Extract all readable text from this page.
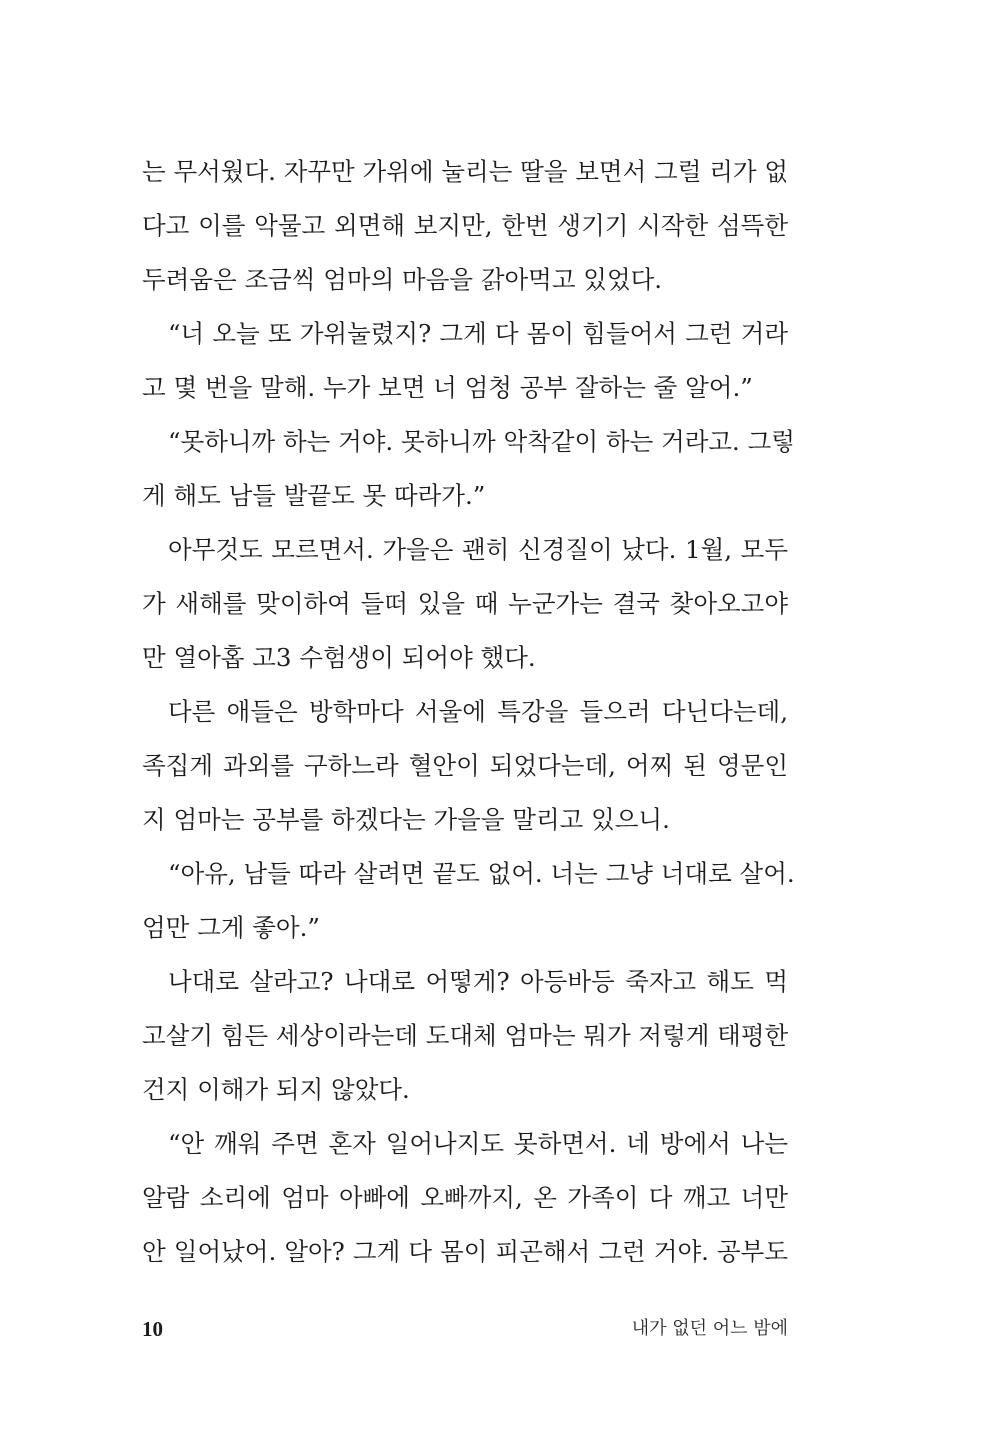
는 무서웠다. 자꾸만 가위에 눌리는 딸을 보면서 그럴 리가 없

다고 이를 악물고 외면해 보지만, 한번 생기기 시작한 섬뜩한

두려움은 조금씩 엄마의 마음을 갉아먹고 있었다.

“너 오늘 또 가위눌렸지? 그게 다 몸이 힘들어서 그런 거라

고 몇 번을 말해. 누가 보면 너 엄청 공부 잘하는 줄 알어.”

“못하니까 하는 거야. 못하니까 악착같이 하는 거라고. 그렇

게 해도 남들 발끝도 못 따라가.”

아무것도 모르면서. 가을은 괜히 신경질이 났다. 1월, 모두

가 새해를 맞이하여 들떠 있을 때 누군가는 결국 찾아오고야

만 열아홉 고3 수험생이 되어야 했다.

다른 애들은 방학마다 서울에 특강을 들으러 다닌다는데,

족집게 과외를 구하느라 혈안이 되었다는데, 어찌 된 영문인

지 엄마는 공부를 하겠다는 가을을 말리고 있으니.

“아유, 남들 따라 살려면 끝도 없어. 너는 그냥 너대로 살어.

엄만 그게 좋아.”

나대로 살라고? 나대로 어떻게? 아등바등 죽자고 해도 먹

고살기 힘든 세상이라는데 도대체 엄마는 뭐가 저렇게 태평한

건지 이해가 되지 않았다.

“안 깨워 주면 혼자 일어나지도 못하면서. 네 방에서 나는

알람 소리에 엄마 아빠에 오빠까지, 온 가족이 다 깨고 너만

안 일어났어. 알아? 그게 다 몸이 피곤해서 그런 거야. 공부도

10	내가 없던 어느 밤에
